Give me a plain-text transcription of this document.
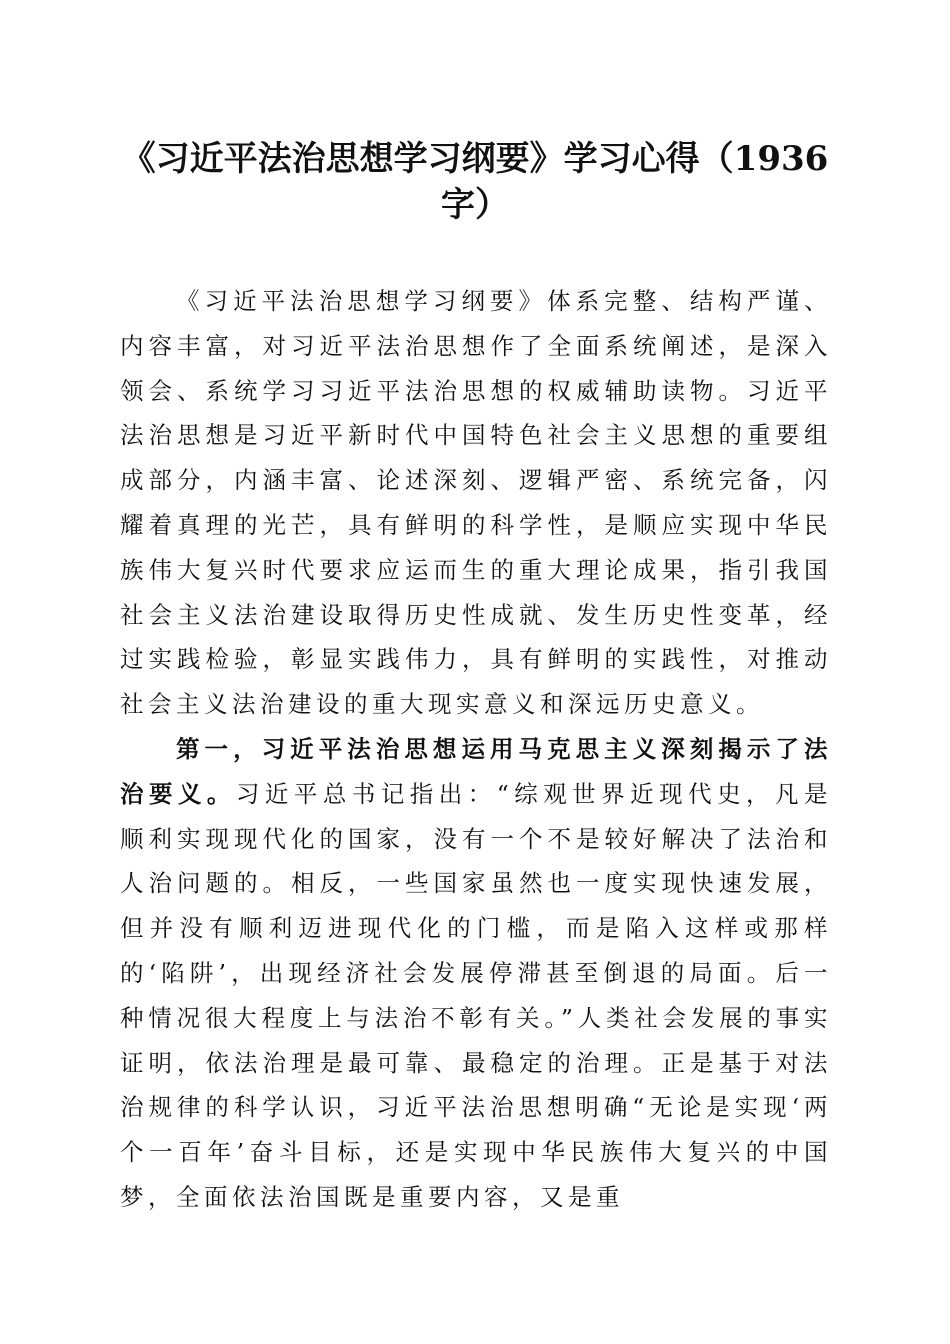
《习近平法治思想学习纲要》学习心得（1936字）

《习近平法治思想学习纲要》体系完整、结构严谨、内容丰富，对习近平法治思想作了全面系统阐述，是深入领会、系统学习习近平法治思想的权威辅助读物。习近平法治思想是习近平新时代中国特色社会主义思想的重要组成部分，内涵丰富、论述深刻、逻辑严密、系统完备，闪耀着真理的光芒，具有鲜明的科学性，是顺应实现中华民族伟大复兴时代要求应运而生的重大理论成果，指引我国社会主义法治建设取得历史性成就、发生历史性变革，经过实践检验，彰显实践伟力，具有鲜明的实践性，对推动社会主义法治建设的重大现实意义和深远历史意义。

第一，习近平法治思想运用马克思主义深刻揭示了法治要义。习近平总书记指出：“综观世界近现代史，凡是顺利实现现代化的国家，没有一个不是较好解决了法治和人治问题的。相反，一些国家虽然也一度实现快速发展，但并没有顺利迈进现代化的门槛，而是陷入这样或那样的‘陷阱’，出现经济社会发展停滞甚至倒退的局面。后一种情况很大程度上与法治不彰有关。”人类社会发展的事实证明，依法治理是最可靠、最稳定的治理。正是基于对法治规律的科学认识，习近平法治思想明确“无论是实现‘两个一百年’奋斗目标，还是实现中华民族伟大复兴的中国梦，全面依法治国既是重要内容，又是重
